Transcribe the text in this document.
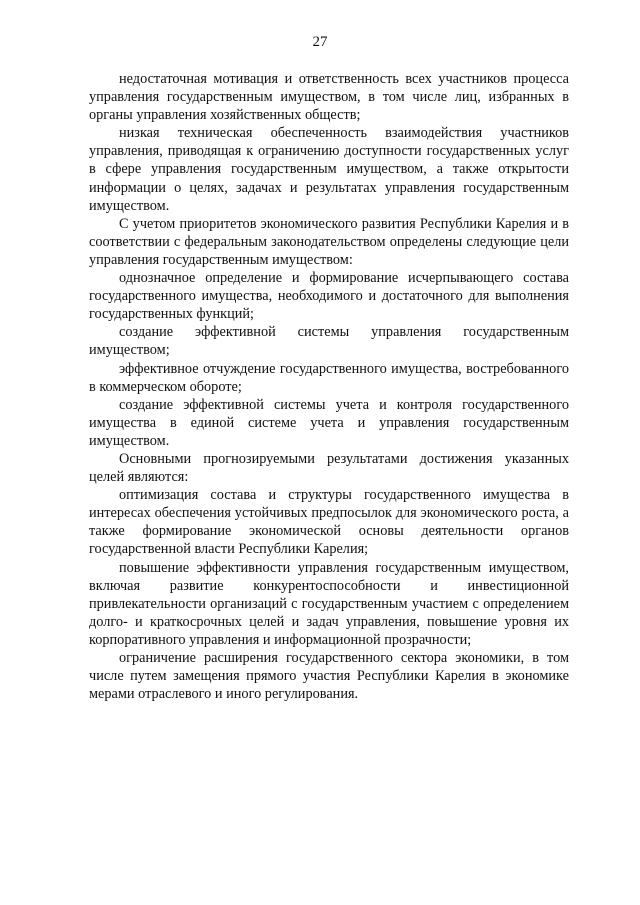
27

недостаточная мотивация и ответственность всех участников процесса управления государственным имуществом, в том числе лиц, избранных в органы управления хозяйственных обществ;

низкая техническая обеспеченность взаимодействия участников управления, приводящая к ограничению доступности государственных услуг в сфере управления государственным имуществом, а также открытости информации о целях, задачах и результатах управления государственным имуществом.

С учетом приоритетов экономического развития Республики Карелия и в соответствии с федеральным законодательством определены следующие цели управления государственным имуществом:

однозначное определение и формирование исчерпывающего состава государственного имущества, необходимого и достаточного для выполнения государственных функций;

создание эффективной системы управления государственным имуществом;

эффективное отчуждение государственного имущества, востребованного в коммерческом обороте;

создание эффективной системы учета и контроля государственного имущества в единой системе учета и управления государственным имуществом.

Основными прогнозируемыми результатами достижения указанных целей являются:

оптимизация состава и структуры государственного имущества в интересах обеспечения устойчивых предпосылок для экономического роста, а также формирование экономической основы деятельности органов государственной власти Республики Карелия;

повышение эффективности управления государственным имуществом, включая развитие конкурентоспособности и инвестиционной привлекательности организаций с государственным участием с определением долго- и краткосрочных целей и задач управления, повышение уровня их корпоративного управления и информационной прозрачности;

ограничение расширения государственного сектора экономики, в том числе путем замещения прямого участия Республики Карелия в экономике мерами отраслевого и иного регулирования.
